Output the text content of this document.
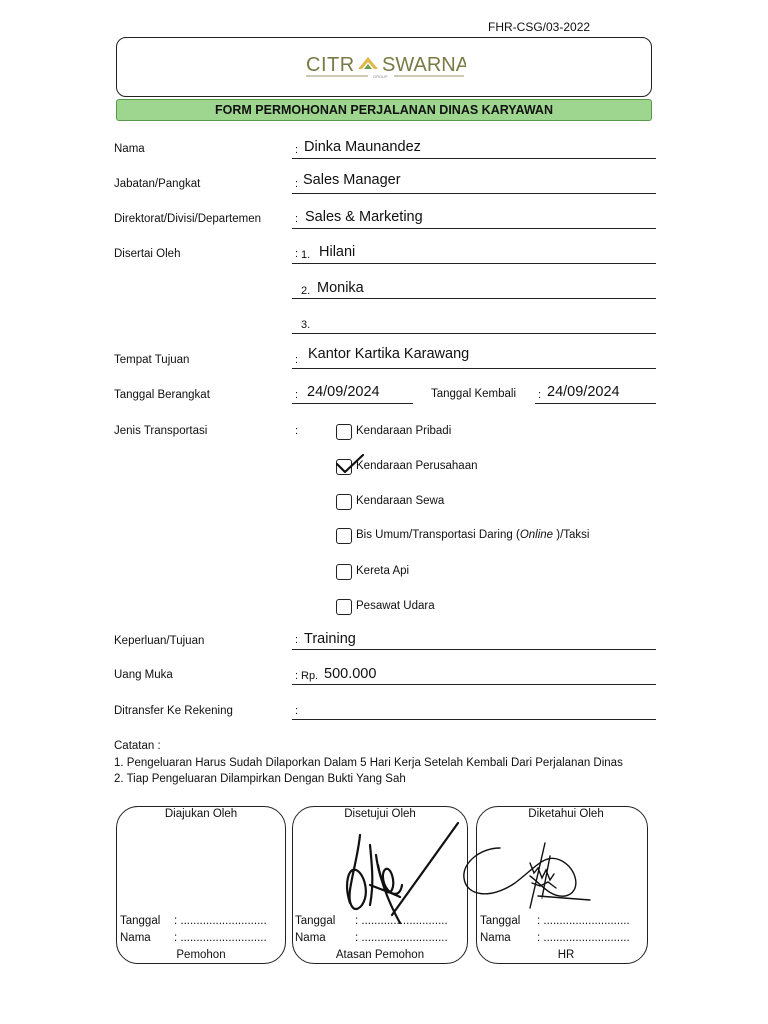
FHR-CSG/03-2022
CITR SWARNA
GROUP
FORM PERMOHONAN PERJALANAN DINAS KARYAWAN
Nama	: Dinka Maunandez
Jabatan/Pangkat	: Sales Manager
Direktorat/Divisi/Departemen	: Sales & Marketing
Disertai Oleh	: 1. Hilani
2. Monika
3.
Tempat Tujuan	: Kantor Kartika Karawang
Tanggal Berangkat	: 24/09/2024	Tanggal Kembali : 24/09/2024
Jenis Transportasi	:	Kendaraan Pribadi
Kendaraan Perusahaan
Kendaraan Sewa
Bis Umum/Transportasi Daring (Online )/Taksi
Kereta Api
Pesawat Udara
Keperluan/Tujuan	: Training
Uang Muka	: Rp. 500.000
Ditransfer Ke Rekening	:
Catatan :
1. Pengeluaran Harus Sudah Dilaporkan Dalam 5 Hari Kerja Setelah Kembali Dari Perjalanan Dinas
2. Tiap Pengeluaran Dilampirkan Dengan Bukti Yang Sah
Diajukan Oleh
Tanggal : ...........................
Nama : ...........................
Pemohon
Disetujui Oleh
Tanggal : ...........................
Nama	: ...........................
Atasan Pemohon
Diketahui Oleh
Tanggal : ...........................
Nama : ...........................
HR
